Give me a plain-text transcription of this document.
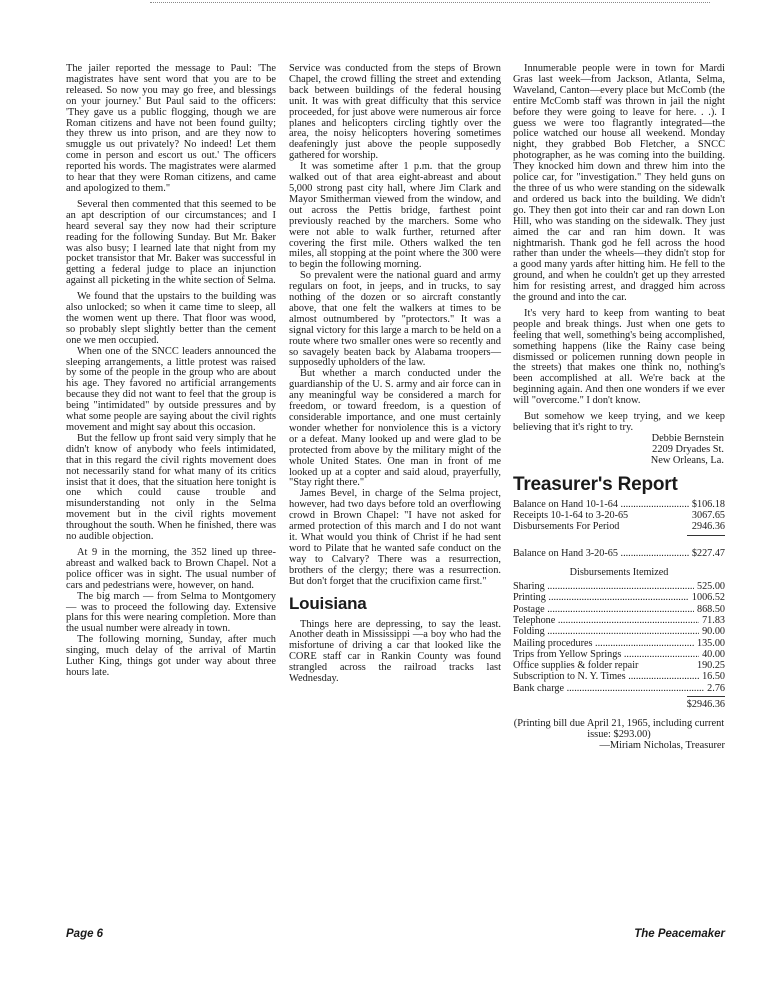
The jailer reported the message to Paul: 'The magistrates have sent word that you are to be released. So now you may go free, and blessings on your journey.' But Paul said to the officers: 'They gave us a public flogging, though we are Roman citizens and have not been found guilty; they threw us into prison, and are they now to smuggle us out privately? No indeed! Let them come in person and escort us out.' The officers reported his words. The magistrates were alarmed to hear that they were Roman citizens, and came and apologized to them."

Several then commented that this seemed to be an apt description of our circumstances; and I heard several say they now had their scripture reading for the following Sunday. But Mr. Baker was also busy; I learned late that night from my pocket transistor that Mr. Baker was successful in getting a federal judge to place an injunction against all picketing in the white section of Selma.

We found that the upstairs to the building was also unlocked; so when it came time to sleep, all the women went up there. That floor was wood, so probably slept slightly better than the cement one we men occupied.

When one of the SNCC leaders announced the sleeping arrangements, a little protest was raised by some of the people in the group who are about his age. They favored no artificial arrangements because they did not want to feel that the group is being "intimidated" by outside pressures and by what some people are saying about the civil rights movement and might say about this occasion.

But the fellow up front said very simply that he didn't know of anybody who feels intimidated, that in this regard the civil rights movement does not necessarily stand for what many of its critics insist that it does, that the situation here tonight is one which could cause trouble and misunderstanding not only in the Selma movement but in the civil rights movement throughout the south. When he finished, there was no audible objection.

At 9 in the morning, the 352 lined up three-abreast and walked back to Brown Chapel. Not a police officer was in sight. The usual number of cars and pedestrians were, however, on hand.

The big march — from Selma to Montgomery — was to proceed the following day. Extensive plans for this were nearing completion. More than the usual number were already in town.

The following morning, Sunday, after much singing, much delay of the arrival of Martin Luther King, things got under way about three hours late.

Service was conducted from the steps of Brown Chapel, the crowd filling the street and extending back between buildings of the federal housing unit. It was with great difficulty that this service proceeded, for just above were numerous air force planes and helicopters circling tightly over the area, the noisy helicopters hovering sometimes deafeningly just above the people supposedly gathered for worship.

It was sometime after 1 p.m. that the group walked out of that area eight-abreast and about 5,000 strong past city hall, where Jim Clark and Mayor Smitherman viewed from the window, and out across the Pettis bridge, farthest point previously reached by the marchers. Some who were not able to walk further, returned after covering the first mile. Others walked the ten miles, all stopping at the point where the 300 were to begin the following morning.

So prevalent were the national guard and army regulars on foot, in jeeps, and in trucks, to say nothing of the dozen or so aircraft constantly above, that one felt the walkers at times to be almost outnumbered by "protectors." It was a signal victory for this large a march to be held on a route where two smaller ones were so recently and so savagely beaten back by Alabama troopers—supposedly upholders of the law.

But whether a march conducted under the guardianship of the U. S. army and air force can in any meaningful way be considered a march for freedom, or toward freedom, is a question of considerable importance, and one must certainly wonder whether for nonviolence this is a victory or a defeat. Many looked up and were glad to be protected from above by the military might of the whole United States. One man in front of me looked up at a copter and said aloud, prayerfully, "Stay right there."

James Bevel, in charge of the Selma project, however, had two days before told an overflowing crowd in Brown Chapel: "I have not asked for armed protection of this march and I do not want it. What would you think of Christ if he had sent word to Pilate that he wanted safe conduct on the way to Calvary? There was a resurrection, brothers of the clergy; there was a resurrection. But don't forget that the crucifixion came first."

Louisiana

Things here are depressing, to say the least. Another death in Mississippi —a boy who had the misfortune of driving a car that looked like the CORE staff car in Rankin County was found strangled across the railroad tracks last Wednesday.

Innumerable people were in town for Mardi Gras last week—from Jackson, Atlanta, Selma, Waveland, Canton—every place but McComb (the entire McComb staff was thrown in jail the night before they were going to leave for here. . .). I guess we were too flagrantly integrated—the police watched our house all weekend. Monday night, they grabbed Bob Fletcher, a SNCC photographer, as he was coming into the building. They knocked him down and threw him into the police car, for "investigation." They held guns on the three of us who were standing on the sidewalk and ordered us back into the building. We didn't go. They then got into their car and ran down Lon Hill, who was standing on the sidewalk. They just aimed the car and ran him down. It was nightmarish. Thank god he fell across the hood rather than under the wheels—they didn't stop for a good many yards after hitting him. He fell to the ground, and when he couldn't get up they arrested him for resisting arrest, and dragged him across the ground and into the car.

It's very hard to keep from wanting to beat people and break things. Just when one gets to feeling that well, something's being accomplished, something happens (like the Rainy case being dismissed or policemen running down people in the streets) that makes one think no, nothing's been accomplished at all. We're back at the beginning again. And then one wonders if we ever will "overcome." I don't know.

But somehow we keep trying, and we keep believing that it's right to try.

Debbie Bernstein

2209 Dryades St.

New Orleans, La.

Treasurer's Report
Balance on Hand 10-1-64 .....	$106.18
Receipts 10-1-64 to 3-20-65	3067.65
Disbursements For Period	2946.36
Balance on Hand 3-20-65 .....	$227.47
Disbursements Itemized
Sharing .....	525.00
Printing .....	1006.52
Postage .....	868.50
Telephone .....	71.83
Folding .....	90.00
Mailing procedures .....	135.00
Trips from Yellow Springs .....	40.00
Office supplies & folder repair	190.25
Subscription to N. Y. Times .....	16.50
Bank charge .....	2.76
$2946.36
(Printing bill due April 21, 1965, including current issue: $293.00)
—Miriam Nicholas, Treasurer
Page 6	The Peacemaker
